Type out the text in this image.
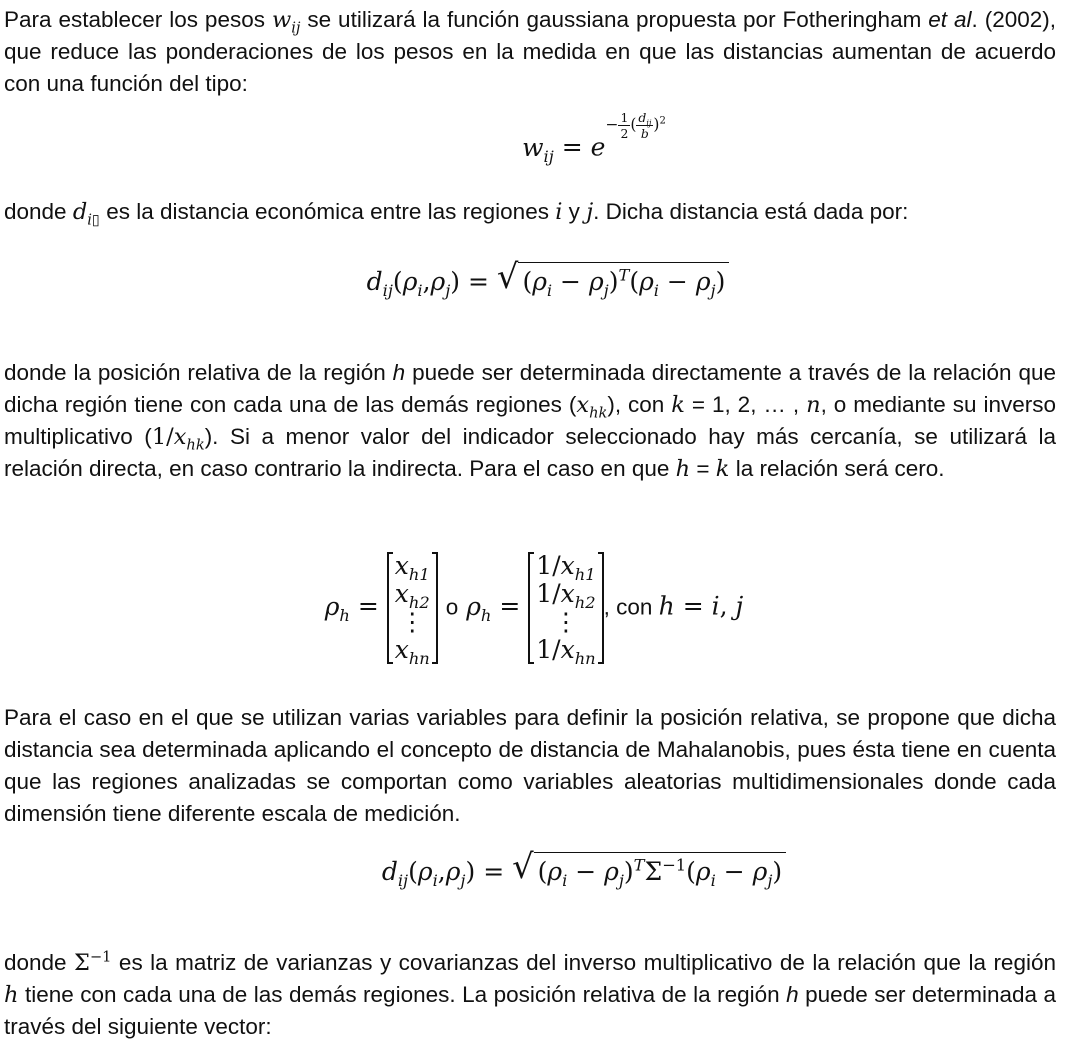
Para establecer los pesos $w_{ij}$ se utilizará la función gaussiana propuesta por Fotheringham et al. (2002), que reduce las ponderaciones de los pesos en la medida en que las distancias aumentan de acuerdo con una función del tipo:
$w_{ij} = e- \frac{1}{2}$ ( $\frac{d_{ij}}{b} )^2$
donde $d_{i▯}$ es la distancia económica entre las regiones i y j. Dicha distancia está dada por:
$d_{ij}(\rho_i,\rho_j)$ = √ $(\rho_i - \rho_j)^T(\rho_i - \rho_j)$
donde la posición relativa de la región h puede ser determinada directamente a través de la relación que dicha región tiene con cada una de las demás regiones $(x_{hk})$, con k = 1, 2, … , n, o mediante su inverso multiplicativo $(1/x_{hk})$. Si a menor valor del indicador seleccionado hay más cercanía, se utilizará la relación directa, en caso contrario la indirecta. Para el caso en que h = k la relación será cero.
$\rho_h$ =
$x_{h1}$
$x_{h2}$
⋮
$x_{hn}$
o $\rho_h$ =
$1/x_{h1}$
$1/x_{h2}$
⋮
$1/x_{hn}$
, con h = i, j
Para el caso en el que se utilizan varias variables para definir la posición relativa, se propone que dicha distancia sea determinada aplicando el concepto de distancia de Mahalanobis, pues ésta tiene en cuenta que las regiones analizadas se comportan como variables aleatorias multidimensionales donde cada dimensión tiene diferente escala de medición.
$d_{ij}(\rho_i,\rho_j)$ = √ $(\rho_i - \rho_j)^T\Sigma^{-1}(\rho_i - \rho_j)$
donde $\Sigma^{-1}$ es la matriz de varianzas y covarianzas del inverso multiplicativo de la relación que la región h tiene con cada una de las demás regiones. La posición relativa de la región h puede ser determinada a través del siguiente vector:
